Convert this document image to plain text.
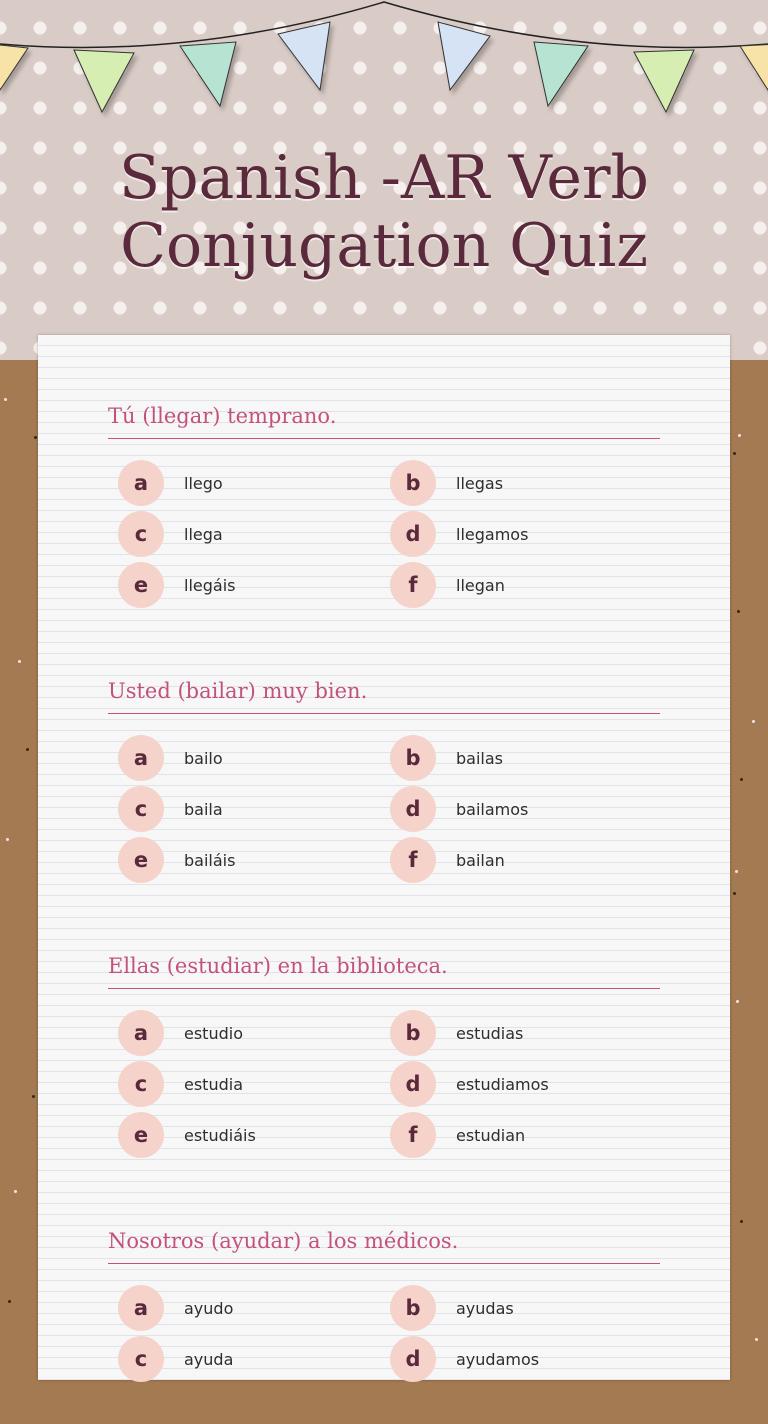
Spanish -AR Verb
Conjugation Quiz
Tú (llegar) temprano.
a	llego	b	llegas
c	llega	d	llegamos
e	llegáis	f	llegan
Usted (bailar) muy bien.
a	bailo	b	bailas
c	baila	d	bailamos
e	bailáis	f	bailan
Ellas (estudiar) en la biblioteca.
a	estudio	b	estudias
c	estudia	d	estudiamos
e	estudiáis	f	estudian
Nosotros (ayudar) a los médicos.
a	ayudo	b	ayudas
c	ayuda	d	ayudamos
